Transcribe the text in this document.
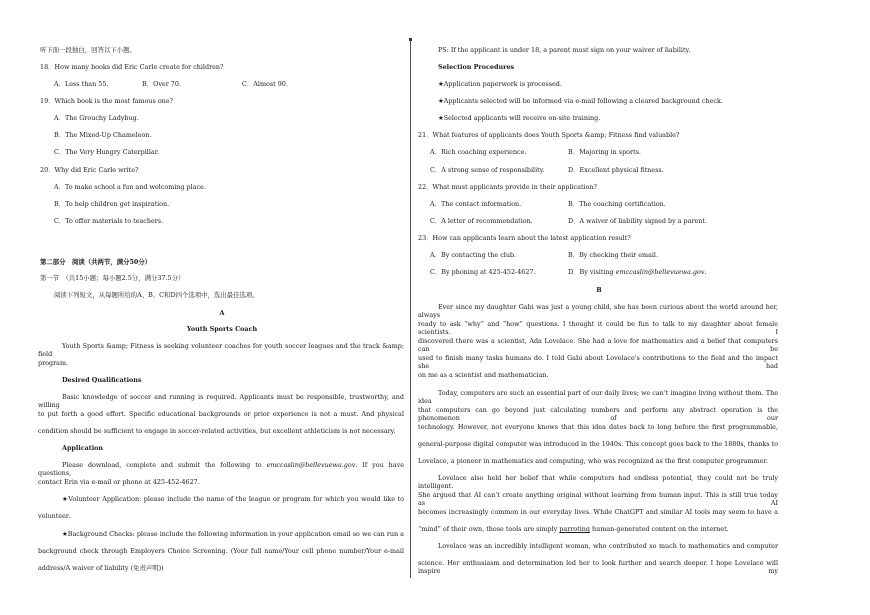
听下面一段独白，回答以下小题。
18．How many books did Eric Carle create for children?
A．Less than 55.	B．Over 70.	C．Almost 90.
19．Which book is the most famous one?
A．The Grouchy Ladybug.
B．The Mixed-Up Chameleon.
C．The Very Hungry Caterpillar.
20．Why did Eric Carle write?
A．To make school a fun and welcoming place.
B．To help children get inspiration.
C．To offer materials to teachers.
第二部分　阅读（共两节，满分50分）
第一节　（共15小题；每小题2.5分，满分37.5分）
阅读下列短文，从每题所给的A、B、C和D四个选项中，选出最佳选项。
A
Youth Sports Coach
Youth Sports &amp; Fitness is seeking volunteer coaches for youth soccer leagues and the track &amp; field
program.
Desired Qualifications
Basic knowledge of soccer and running is required. Applicants must be responsible, trustworthy, and willing
to put forth a good effort. Specific educational backgrounds or prior experience is not a must. And physical
condition should be sufficient to engage in soccer-related activities, but excellent athleticism is not necessary.
Application
Please download, complete and submit the following to emccaslin@bellevuewa.gov. If you have questions,
contact Erin via e-mail or phone at 425-452-4627.
★Volunteer Application: please include the name of the league or program for which you would like to
volunteer.
★Background Checks: please include the following information in your application email so we can run a
background check through Employers Choice Screening. (Your full name/Your cell phone number/Your e-mail
address/A waiver of liability (免责声明))
PS: If the applicant is under 18, a parent must sign on your waiver of liability.
Selection Procedures
★Application paperwork is processed.
★Applicants selected will be informed via e-mail following a cleared background check.
★Selected applicants will receive on-site training.
21．What features of applicants does Youth Sports &amp; Fitness find valuable?
A．Rich coaching experience.	B．Majoring in sports.
C．A strong sense of responsibility.	D．Excellent physical fitness.
22．What must applicants provide in their application?
A．The contact information.	B．The coaching certification.
C．A letter of recommendation.	D．A waiver of liability signed by a parent.
23．How can applicants learn about the latest application result?
A．By contacting the club.	B．By checking their email.
C．By phoning at 425-452-4627.	D．By visiting emccaslin@bellevuewa.gov.
B
Ever since my daughter Gabi was just a young child, she has been curious about the world around her, always
ready to ask “why” and “how” questions. I thought it could be fun to talk to my daughter about female scientists. I
discovered there was a scientist, Ada Lovelace. She had a love for mathematics and a belief that computers can be
used to finish many tasks humans do. I told Gabi about Lovelace's contributions to the field and the impact she had
on me as a scientist and mathematician.
Today, computers are such an essential part of our daily lives; we can’t imagine living without them. The idea
that computers can go beyond just calculating numbers and perform any abstract operation is the phenomenon of our
technology. However, not everyone knows that this idea dates back to long before the first programmable,
general-purpose digital computer was introduced in the 1940s. This concept goes back to the 1880s, thanks to
Lovelace, a pioneer in mathematics and computing, who was recognized as the first computer programmer.
Lovelace also held her belief that while computers had endless potential, they could not be truly intelligent.
She argued that AI can’t create anything original without learning from human input. This is still true today as AI
becomes increasingly common in our everyday lives. While ChatGPT and similar AI tools may seem to have a
“mind” of their own, those tools are simply parroting human-generated content on the internet.
Lovelace was an incredibly intelligent woman, who contributed so much to mathematics and computer
science. Her enthusiasm and determination led her to look further and search deeper. I hope Lovelace will inspire my
